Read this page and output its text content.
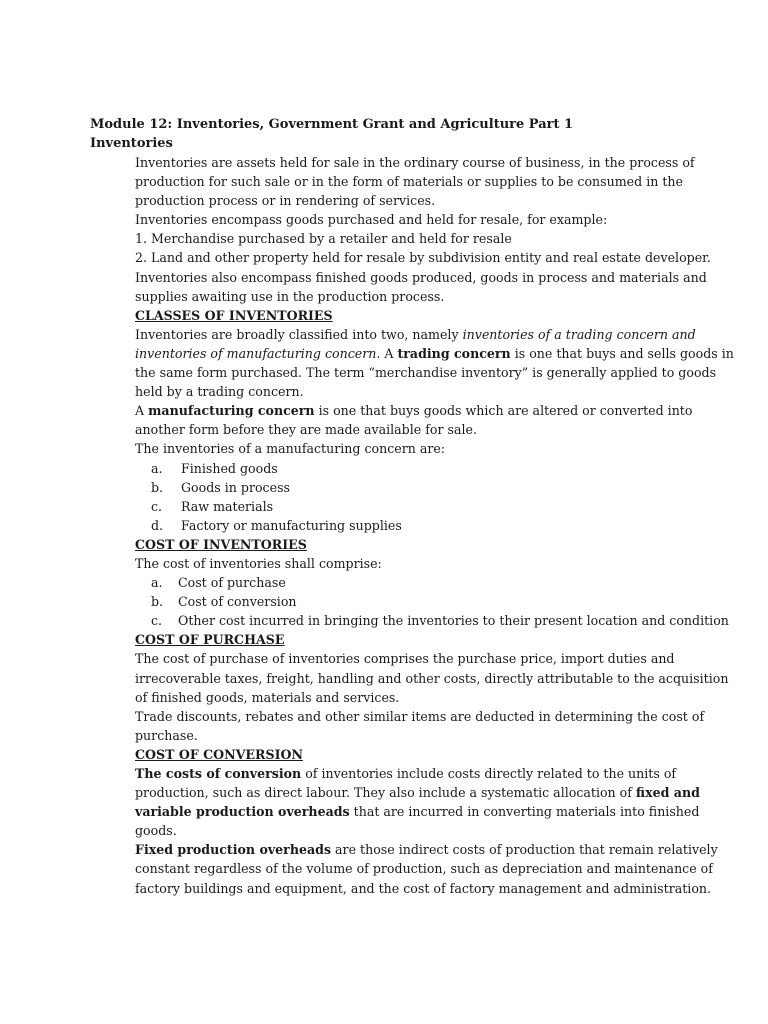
Module 12: Inventories, Government Grant and Agriculture Part 1
Inventories

Inventories are assets held for sale in the ordinary course of business, in the process of production for such sale or in the form of materials or supplies to be consumed in the production process or in rendering of services.

Inventories encompass goods purchased and held for resale, for example:

1. Merchandise purchased by a retailer and held for resale

2. Land and other property held for resale by subdivision entity and real estate developer.

Inventories also encompass finished goods produced, goods in process and materials and supplies awaiting use in the production process.

CLASSES OF INVENTORIES

Inventories are broadly classified into two, namely inventories of a trading concern and inventories of manufacturing concern. A trading concern is one that buys and sells goods in the same form purchased. The term “merchandise inventory” is generally applied to goods held by a trading concern.

A manufacturing concern is one that buys goods which are altered or converted into another form before they are made available for sale.

The inventories of a manufacturing concern are:

a. Finished goods
b. Goods in process
c. Raw materials
d. Factory or manufacturing supplies

COST OF INVENTORIES

The cost of inventories shall comprise:

a. Cost of purchase
b. Cost of conversion
c. Other cost incurred in bringing the inventories to their present location and condition

COST OF PURCHASE

The cost of purchase of inventories comprises the purchase price, import duties and irrecoverable taxes, freight, handling and other costs, directly attributable to the acquisition of finished goods, materials and services.

Trade discounts, rebates and other similar items are deducted in determining the cost of purchase.

COST OF CONVERSION

The costs of conversion of inventories include costs directly related to the units of production, such as direct labour. They also include a systematic allocation of fixed and variable production overheads that are incurred in converting materials into finished goods.

Fixed production overheads are those indirect costs of production that remain relatively constant regardless of the volume of production, such as depreciation and maintenance of factory buildings and equipment, and the cost of factory management and administration.
